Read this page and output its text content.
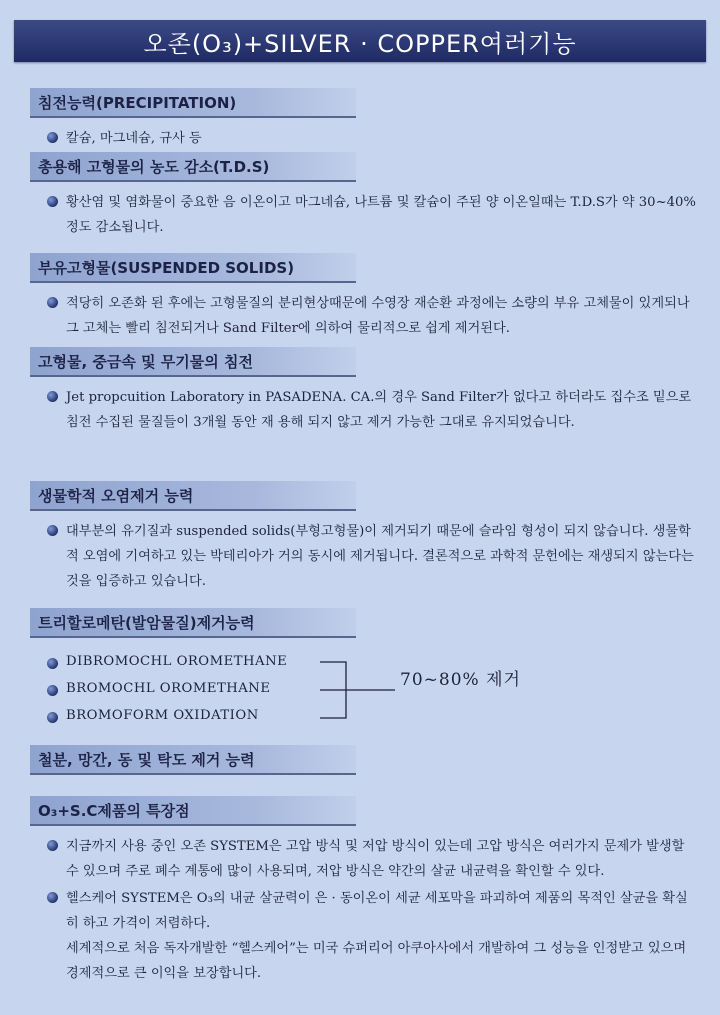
오존(O₃)+SILVER · COPPER여러기능
침전능력(PRECIPITATION)
칼슘, 마그네슘, 규사 등
총용해 고형물의 농도 감소(T.D.S)
황산염 및 염화물이 중요한 음 이온이고 마그네슘, 나트륨 및 칼슘이 주된 양 이온일때는 T.D.S가 약 30~40% 정도 감소됩니다.
부유고형물(SUSPENDED SOLIDS)
적당히 오존화 된 후에는 고형물질의 분리현상때문에 수영장 재순환 과정에는 소량의 부유 고체물이 있게되나 그 고체는 빨리 침전되거나 Sand Filter에 의하여 물리적으로 쉽게 제거된다.
고형물, 중금속 및 무기물의 침전
Jet propcuition Laboratory in PASADENA. CA.의 경우 Sand Filter가 없다고 하더라도 집수조 밑으로 침전 수집된 물질들이 3개월 동안 재 용해 되지 않고 제거 가능한 그대로 유지되었습니다.
생물학적 오염제거 능력
대부분의 유기질과 suspended solids(부형고형물)이 제거되기 때문에 슬라임 형성이 되지 않습니다. 생물학적 오염에 기여하고 있는 박테리아가 거의 동시에 제거됩니다. 결론적으로 과학적 문헌에는 재생되지 않는다는 것을 입증하고 있습니다.
트리할로메탄(발암물질)제거능력
DIBROMOCHL OROMETHANE
BROMOCHL OROMETHANE
BROMOFORM OXIDATION
70~80% 제거
철분, 망간, 동 및 탁도 제거 능력
O₃+S.C제품의 특장점
지금까지 사용 중인 오존 SYSTEM은 고압 방식 및 저압 방식이 있는데 고압 방식은 여러가지 문제가 발생할 수 있으며 주로 폐수 계통에 많이 사용되며, 저압 방식은 약간의 살균 내균력을 확인할 수 있다.
헬스케어 SYSTEM은 O₃의 내균 살균력이 은 · 동이온이 세균 세포막을 파괴하여 제품의 목적인 살균을 확실히 하고 가격이 저렴하다.
세계적으로 처음 독자개발한 “헬스케어”는 미국 슈퍼리어 아쿠아사에서 개발하여 그 성능을 인정받고 있으며 경제적으로 큰 이익을 보장합니다.
